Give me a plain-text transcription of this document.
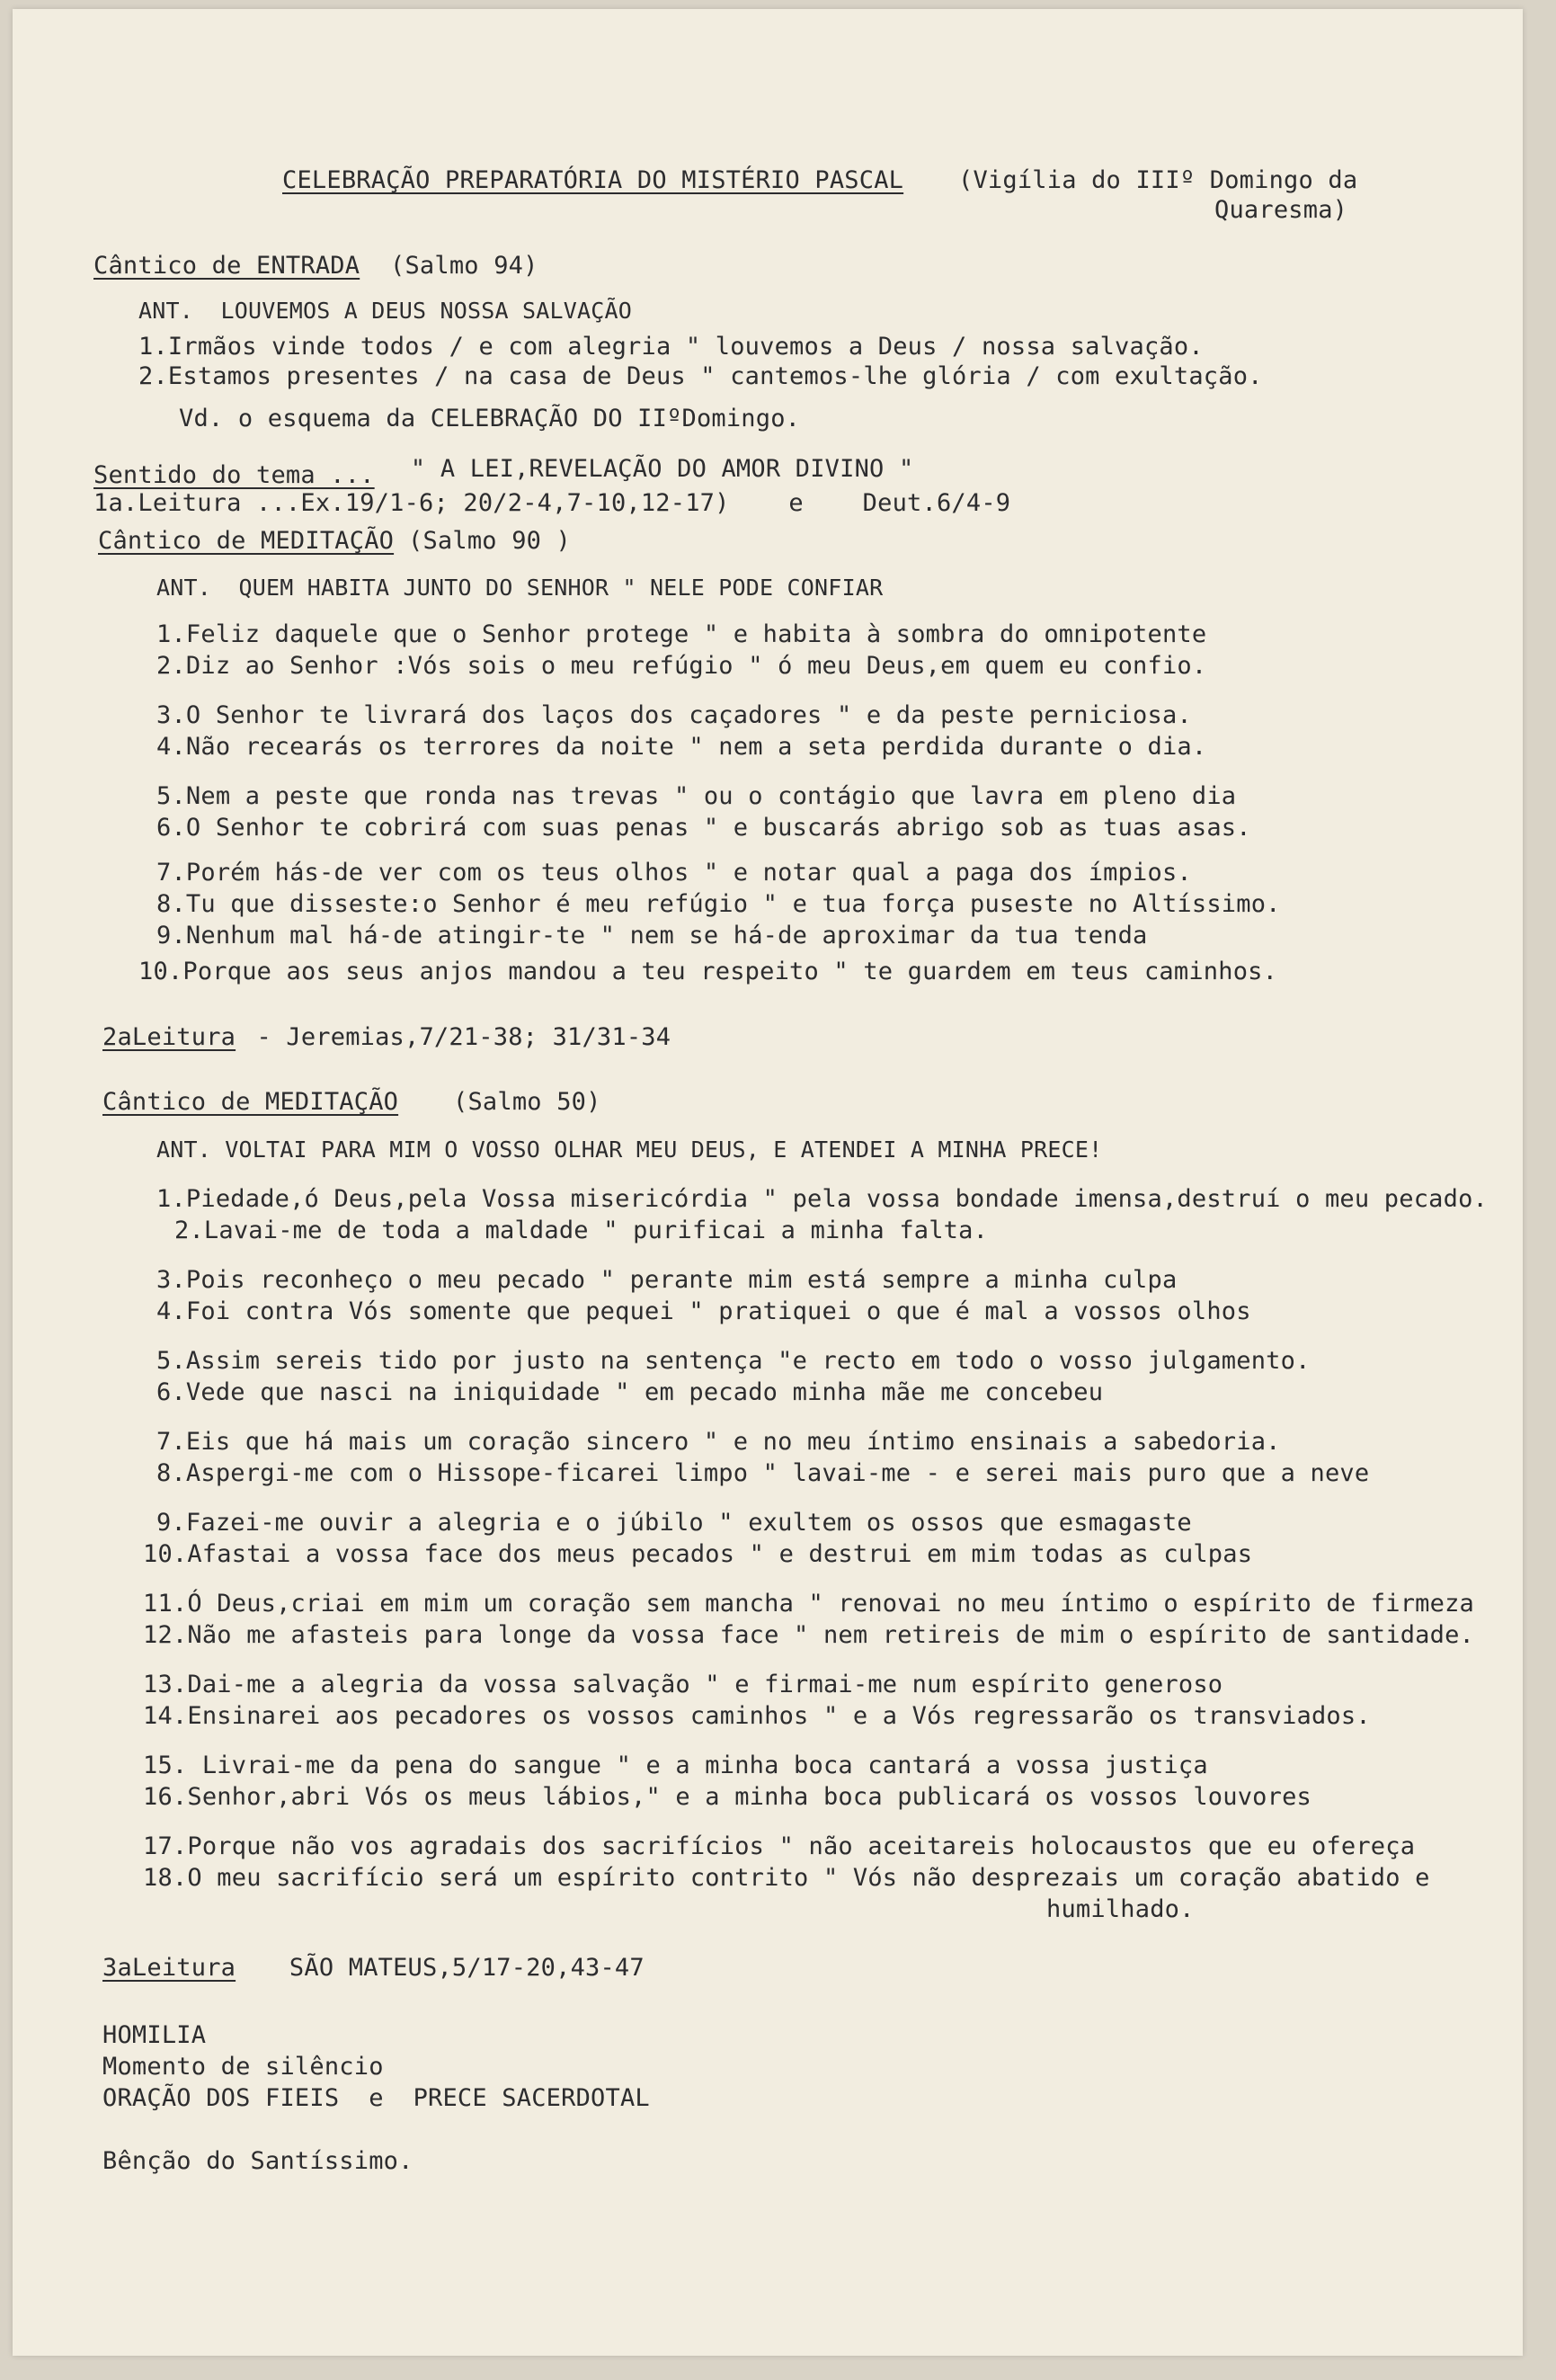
CELEBRAÇÃO PREPARATÓRIA DO MISTÉRIO PASCAL (Vigília do IIIº Domingo da
Quaresma)
Cântico de ENTRADA (Salmo 94)
ANT.  LOUVEMOS A DEUS NOSSA SALVAÇÃO
1.Irmãos vinde todos / e com alegria " louvemos a Deus / nossa salvação.
2.Estamos presentes / na casa de Deus " cantemos-lhe glória / com exultação.
Vd. o esquema da CELEBRAÇÃO DO IIºDomingo.
Sentido do tema ... " A LEI,REVELAÇÃO DO AMOR DIVINO "
1a.Leitura ...Ex.19/1-6; 20/2-4,7-10,12-17)    e    Deut.6/4-9
Cântico de MEDITAÇÃO (Salmo 90 )
ANT.  QUEM HABITA JUNTO DO SENHOR " NELE PODE CONFIAR
1.Feliz daquele que o Senhor protege " e habita à sombra do omnipotente
2.Diz ao Senhor :Vós sois o meu refúgio " ó meu Deus,em quem eu confio.
3.O Senhor te livrará dos laços dos caçadores " e da peste perniciosa.
4.Não recearás os terrores da noite " nem a seta perdida durante o dia.
5.Nem a peste que ronda nas trevas " ou o contágio que lavra em pleno dia
6.O Senhor te cobrirá com suas penas " e buscarás abrigo sob as tuas asas.
7.Porém hás-de ver com os teus olhos " e notar qual a paga dos ímpios.
8.Tu que disseste:o Senhor é meu refúgio " e tua força puseste no Altíssimo.
9.Nenhum mal há-de atingir-te " nem se há-de aproximar da tua tenda
10.Porque aos seus anjos mandou a teu respeito " te guardem em teus caminhos.
2aLeitura - Jeremias,7/21-38; 31/31-34
Cântico de MEDITAÇÃO (Salmo 50)
ANT. VOLTAI PARA MIM O VOSSO OLHAR MEU DEUS, E ATENDEI A MINHA PRECE!
1.Piedade,ó Deus,pela Vossa misericórdia " pela vossa bondade imensa,destruí o meu pecado.
2.Lavai-me de toda a maldade " purificai a minha falta.
3.Pois reconheço o meu pecado " perante mim está sempre a minha culpa
4.Foi contra Vós somente que pequei " pratiquei o que é mal a vossos olhos
5.Assim sereis tido por justo na sentença "e recto em todo o vosso julgamento.
6.Vede que nasci na iniquidade " em pecado minha mãe me concebeu
7.Eis que há mais um coração sincero " e no meu íntimo ensinais a sabedoria.
8.Aspergi-me com o Hissope-ficarei limpo " lavai-me - e serei mais puro que a neve
9.Fazei-me ouvir a alegria e o júbilo " exultem os ossos que esmagaste
10.Afastai a vossa face dos meus pecados " e destrui em mim todas as culpas
11.Ó Deus,criai em mim um coração sem mancha " renovai no meu íntimo o espírito de firmeza
12.Não me afasteis para longe da vossa face " nem retireis de mim o espírito de santidade.
13.Dai-me a alegria da vossa salvação " e firmai-me num espírito generoso
14.Ensinarei aos pecadores os vossos caminhos " e a Vós regressarão os transviados.
15. Livrai-me da pena do sangue " e a minha boca cantará a vossa justiça
16.Senhor,abri Vós os meus lábios," e a minha boca publicará os vossos louvores
17.Porque não vos agradais dos sacrifícios " não aceitareis holocaustos que eu ofereça
18.O meu sacrifício será um espírito contrito " Vós não desprezais um coração abatido e
humilhado.
3aLeitura SÃO MATEUS,5/17-20,43-47
HOMILIA
Momento de silêncio
ORAÇÃO DOS FIEIS  e  PRECE SACERDOTAL
Bênção do Santíssimo.
